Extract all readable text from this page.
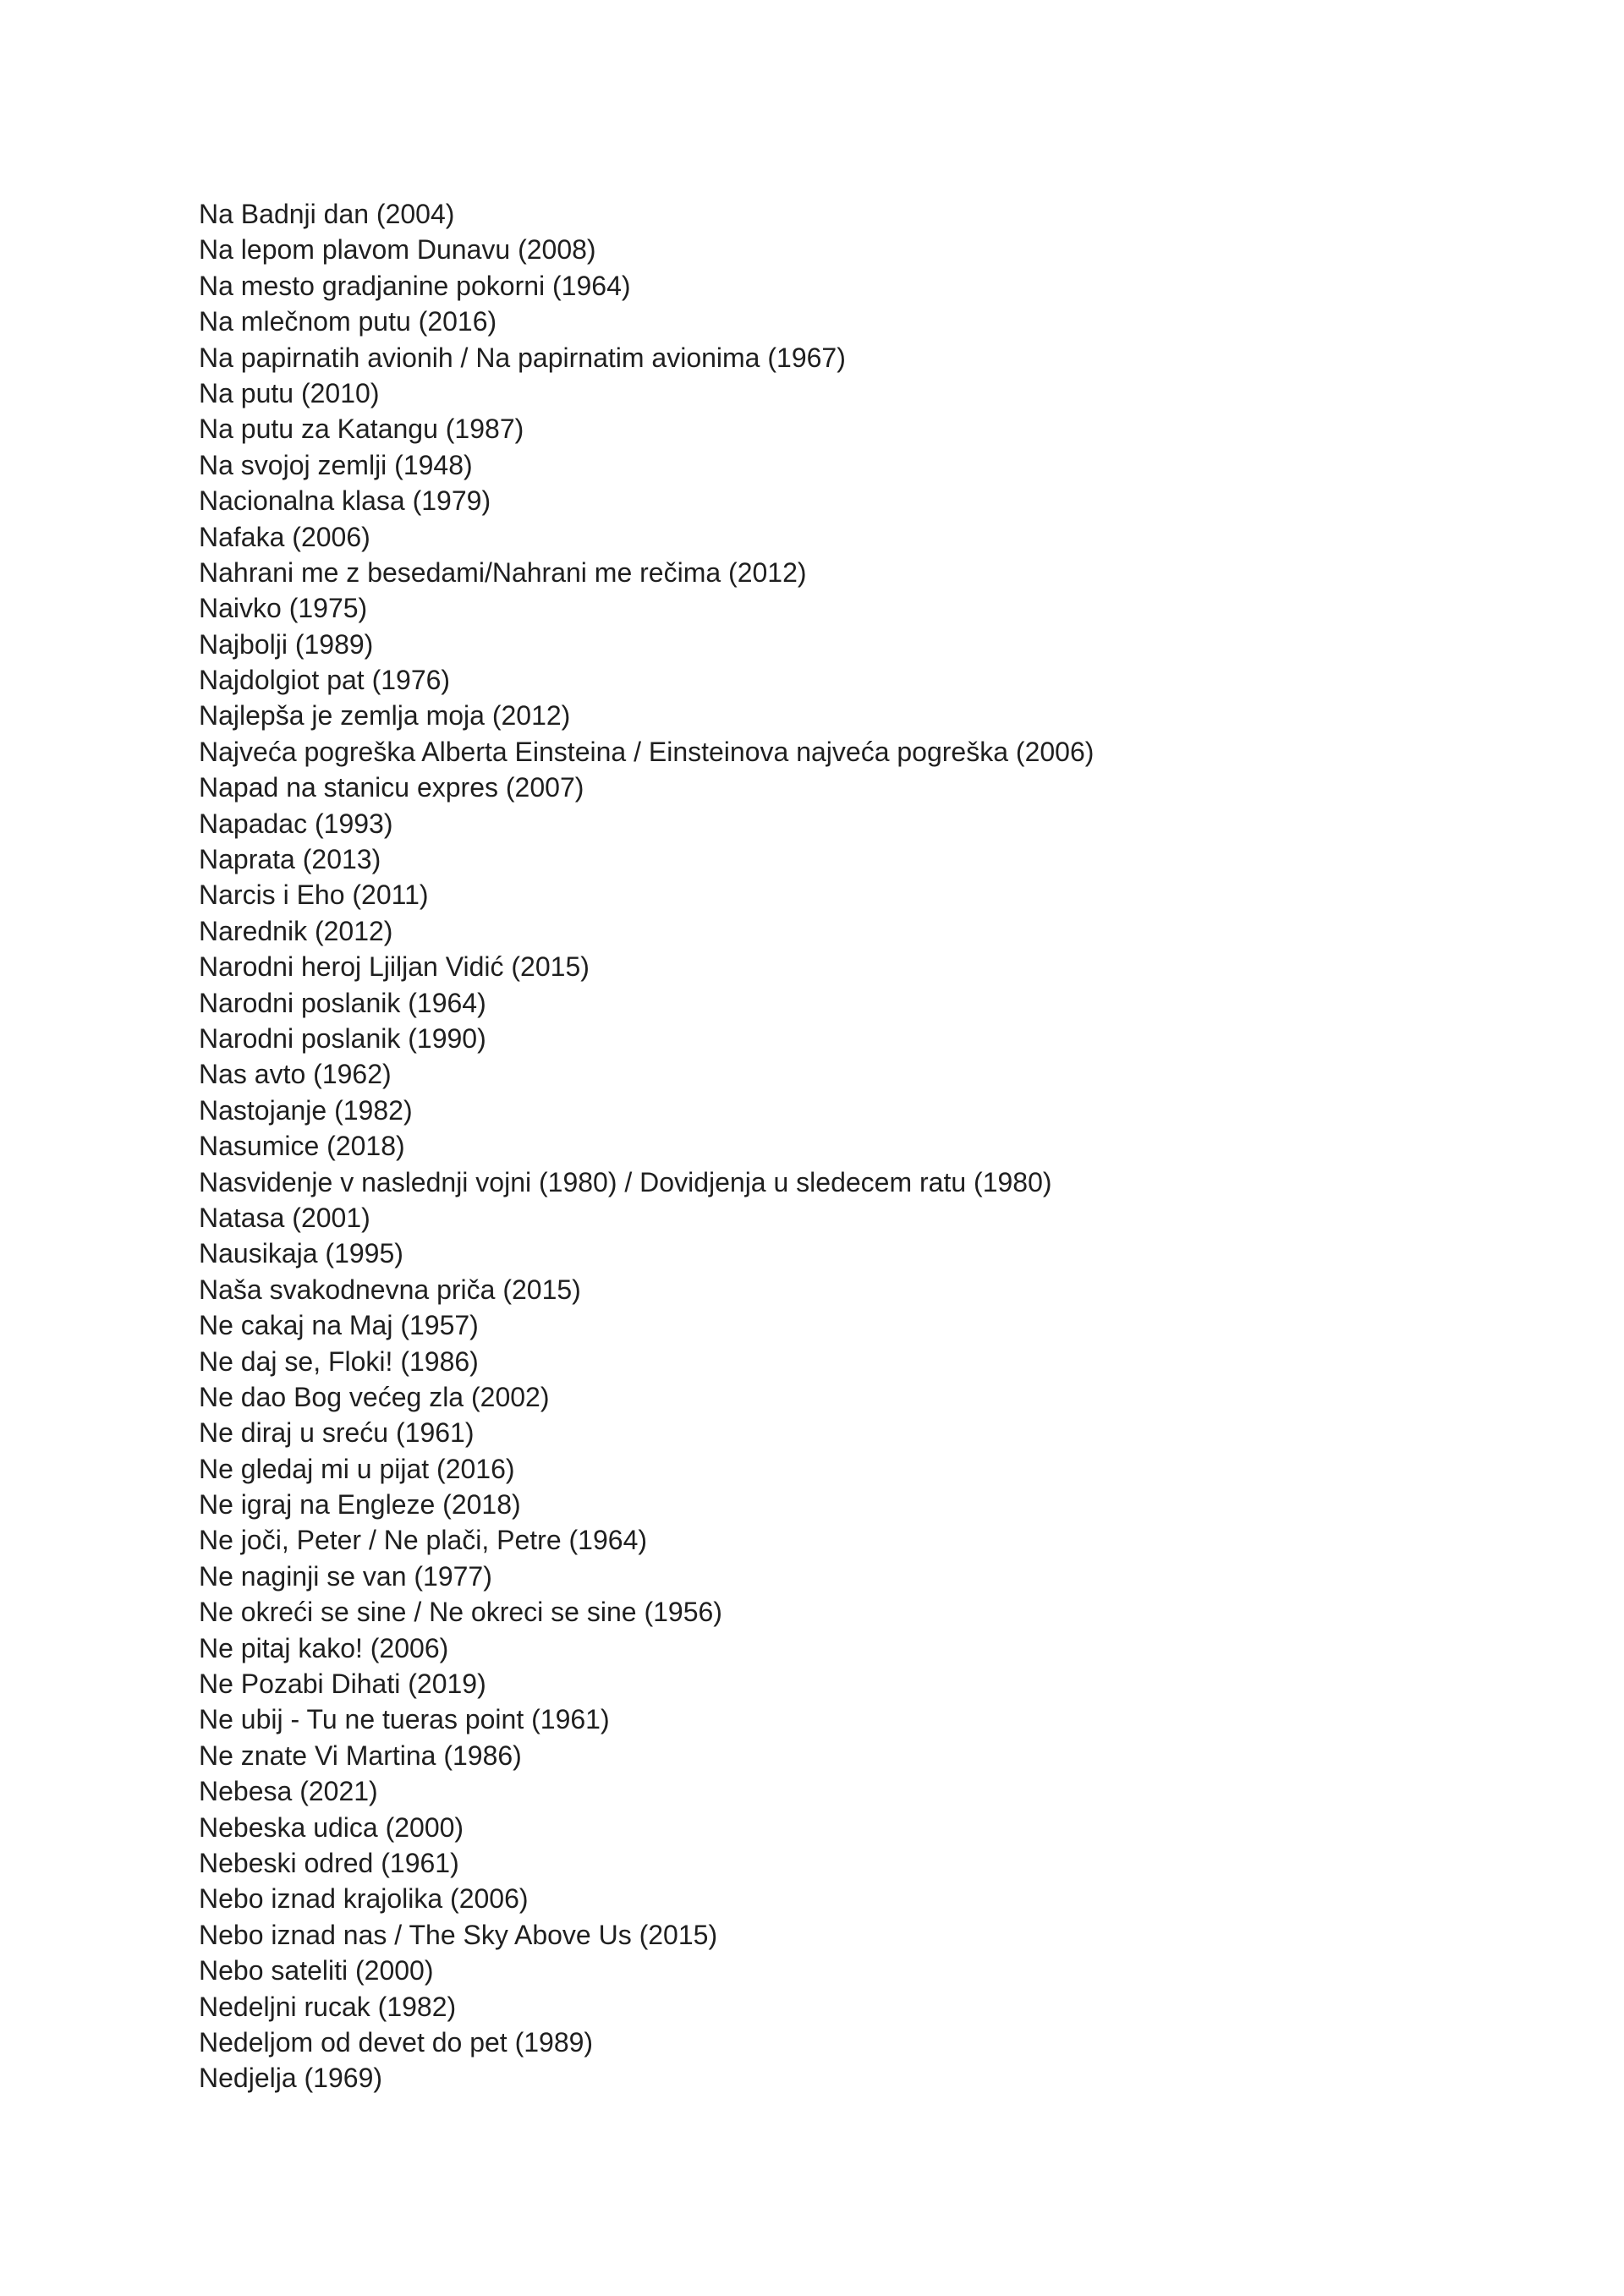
Na Badnji dan (2004)
Na lepom plavom Dunavu (2008)
Na mesto gradjanine pokorni (1964)
Na mlečnom putu (2016)
Na papirnatih avionih / Na papirnatim avionima (1967)
Na putu (2010)
Na putu za Katangu (1987)
Na svojoj zemlji (1948)
Nacionalna klasa (1979)
Nafaka (2006)
Nahrani me z besedami/Nahrani me rečima (2012)
Naivko (1975)
Najbolji (1989)
Najdolgiot pat (1976)
Najlepša je zemlja moja (2012)
Najveća pogreška Alberta Einsteina / Einsteinova najveća pogreška (2006)
Napad na stanicu expres (2007)
Napadac (1993)
Naprata (2013)
Narcis i Eho (2011)
Narednik (2012)
Narodni heroj Ljiljan Vidić (2015)
Narodni poslanik (1964)
Narodni poslanik (1990)
Nas avto (1962)
Nastojanje (1982)
Nasumice (2018)
Nasvidenje v naslednji vojni (1980) / Dovidjenja u sledecem ratu (1980)
Natasa (2001)
Nausikaja (1995)
Naša svakodnevna priča (2015)
Ne cakaj na Maj (1957)
Ne daj se, Floki! (1986)
Ne dao Bog većeg zla (2002)
Ne diraj u sreću (1961)
Ne gledaj mi u pijat (2016)
Ne igraj na Engleze (2018)
Ne joči, Peter / Ne plači, Petre (1964)
Ne naginji se van (1977)
Ne okreći se sine / Ne okreci se sine (1956)
Ne pitaj kako! (2006)
Ne Pozabi Dihati (2019)
Ne ubij - Tu ne tueras point (1961)
Ne znate Vi Martina (1986)
Nebesa (2021)
Nebeska udica (2000)
Nebeski odred (1961)
Nebo iznad krajolika (2006)
Nebo iznad nas / The Sky Above Us (2015)
Nebo sateliti (2000)
Nedeljni rucak (1982)
Nedeljom od devet do pet (1989)
Nedjelja (1969)
